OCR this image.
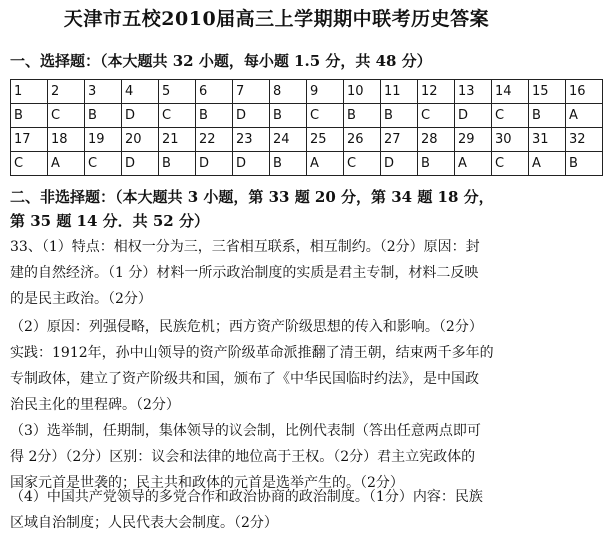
天津市五校2010届高三上学期期中联考历史答案
一、选择题：（本大题共 32 小题，每小题 1.5 分，共 48 分）
1	2	3	4	5	6	7	8	9	10	11	12	13	14	15	16
B	C	B	D	C	B	D	B	C	B	B	C	D	C	B	A
17	18	19	20	21	22	23	24	25	26	27	28	29	30	31	32
C	A	C	D	B	D	D	B	A	C	D	B	A	C	A	B
二、非选择题：（本大题共 3 小题，第 33 题 20 分，第 34 题 18 分，
第 35 题 14 分．共 52 分）
33、（1）特点：相权一分为三，三省相互联系，相互制约。（2分）原因：封
建的自然经济。（1 分）材料一所示政治制度的实质是君主专制，材料二反映
的是民主政治。（2分）
（2）原因：列强侵略，民族危机；西方资产阶级思想的传入和影响。（2分）
实践：1912年，孙中山领导的资产阶级革命派推翻了清王朝，结束两千多年的
专制政体，建立了资产阶级共和国，颁布了《中华民国临时约法》，是中国政
治民主化的里程碑。（2分）
（3）选举制，任期制，集体领导的议会制，比例代表制（答出任意两点即可
得 2分）（2分）区别：议会和法律的地位高于王权。（2分）君主立宪政体的
国家元首是世袭的；民主共和政体的元首是选举产生的。（2分）
（4）中国共产党领导的多党合作和政治协商的政治制度。（1分）内容：民族
区域自治制度；人民代表大会制度。（2分）
